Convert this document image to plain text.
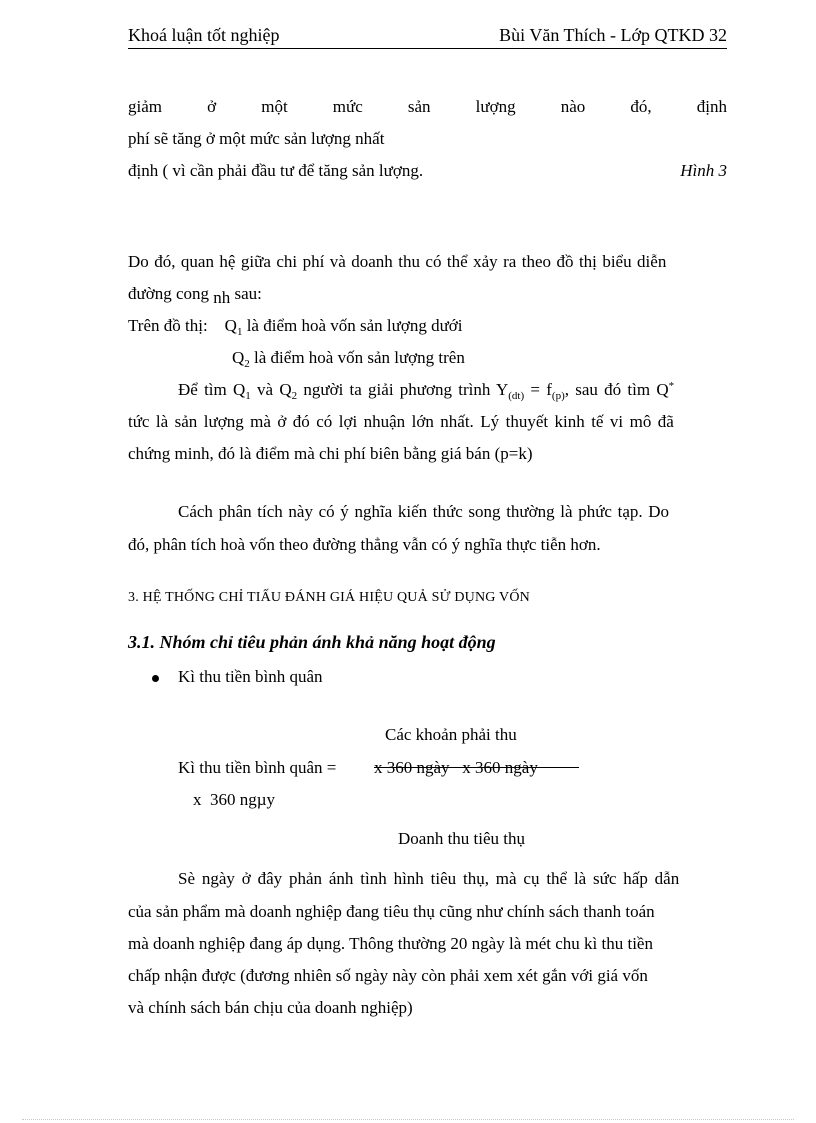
Khoá luận tốt nghiệp	Bùi Văn Thích - Lớp QTKD 32
giảm	ở	một	mức	sản	lượng	nào	đó,	định
phí sẽ tăng ở một mức sản lượng nhất
định ( vì cần phải đầu tư để tăng sản lượng.	Hình 3
Do đó, quan hệ giữa chi phí và doanh thu có thể xảy ra theo đồ thị biểu diễn
đường cong nh sau:
Trên đồ thị: $Q_1$ là điểm hoà vốn sản lượng dưới
$Q_2$ là điểm hoà vốn sản lượng trên
Để tìm $Q_1$ và $Q_2$ người ta giải phương trình $Y_{(dt)} = f_{(p)}$, sau đó tìm Q*
tức là sản lượng mà ở đó có lợi nhuận lớn nhất. Lý thuyết kinh tế vi mô đã
chứng minh, đó là điểm mà chi phí biên bằng giá bán (p=k)
Cách phân tích này có ý nghĩa kiến thức song thường là phức tạp. Do
đó, phân tích hoà vốn theo đường thẳng vẫn có ý nghĩa thực tiễn hơn.
3. HỆ THỐNG CHỈ TIẤU ĐÁNH GIÁ HIỆU QUẢ SỬ DỤNG VỐN
3.1. Nhóm chỉ tiêu phản ánh khả năng hoạt động
Kì thu tiền bình quân
Các khoản phải thu
Kì thu tiền bình quân = x 360 ngày   x 360 ngày
x  360 ngµy
Doanh thu tiêu thụ
Sè ngày ở đây phản ánh tình hình tiêu thụ, mà cụ thể là sức hấp dẫn
của sản phẩm mà doanh nghiệp đang tiêu thụ cũng như chính sách thanh toán
mà doanh nghiệp đang áp dụng. Thông thường 20 ngày là mét chu kì thu tiền
chấp nhận được (đương nhiên số ngày này còn phải xem xét gắn với giá vốn
và chính sách bán chịu của doanh nghiệp)
